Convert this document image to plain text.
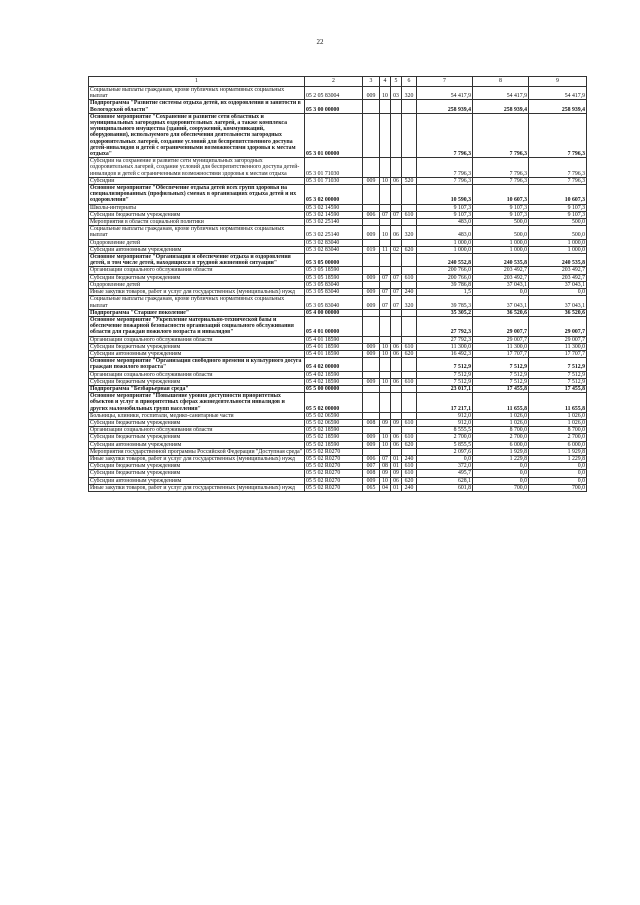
22
1	2	3	4	5	6	7	8	9
Социальные выплаты гражданам, кроме публичных нормативных социальных выплат	05 2 05 83004	009	10	03	320	54 417,9	54 417,9	54 417,9
Подпрограмма "Развитие системы отдыха детей, их оздоровления и занятости в Вологодской области"	05 3 00 00000					258 939,4	258 939,4	258 939,4
Основное мероприятие "Сохранение и развитие сети областных и муниципальных загородных оздоровительных лагерей, а также комплекса муниципального имущества (зданий, сооружений, коммуникаций, оборудования), используемого для обеспечения деятельности загородных оздоровительных лагерей, создание условий для беспрепятственного доступа детей-инвалидов и детей с ограниченными возможностями здоровья к местам отдыха"	05 3 01 00000					7 796,3	7 796,3	7 796,3
Субсидии на сохранение и развитие сети муниципальных загородных оздоровительных лагерей, создание условий для беспрепятственного доступа детей-инвалидов и детей с ограниченными возможностями здоровья к местам отдыха	05 3 01 71030					7 796,3	7 796,3	7 796,3
Субсидии	05 3 01 71030	009	10	06	520	7 796,3	7 796,3	7 796,3
Основное мероприятие "Обеспечение отдыха детей всех групп здоровья на специализированных (профильных) сменах в организациях отдыха детей и их оздоровления"	05 3 02 00000					10 590,3	10 607,3	10 607,3
Школы-интернаты	05 3 02 14590					9 107,3	9 107,3	9 107,3
Субсидии бюджетным учреждениям	05 3 02 14590	006	07	07	610	9 107,3	9 107,3	9 107,3
Мероприятия в области социальной политики	05 3 02 25140					483,0	500,0	500,0
Социальные выплаты гражданам, кроме публичных нормативных социальных выплат	05 3 02 25140	009	10	06	320	483,0	500,0	500,0
Оздоровление детей	05 3 02 83040					1 000,0	1 000,0	1 000,0
Субсидии автономным учреждениям	05 3 02 83040	019	11	02	620	1 000,0	1 000,0	1 000,0
Основное мероприятие "Организация и обеспечение отдыха и оздоровления детей, в том числе детей, находящихся в трудной жизненной ситуации"	05 3 05 00000					240 552,8	240 535,8	240 535,8
Организации социального обслуживания области	05 3 05 18590					200 766,0	203 492,7	203 492,7
Субсидии бюджетным учреждениям	05 3 05 18590	009	07	07	610	200 766,0	203 492,7	203 492,7
Оздоровление детей	05 3 05 83040					39 786,8	37 043,1	37 043,1
Иные закупки товаров, работ и услуг для государственных (муниципальных) нужд	05 3 05 83040	009	07	07	240	1,5	0,0	0,0
Социальные выплаты гражданам, кроме публичных нормативных социальных выплат	05 3 05 83040	009	07	07	320	39 785,3	37 043,1	37 043,1
Подпрограмма "Старшее поколение"	05 4 00 00000					35 305,2	36 520,6	36 520,6
Основное мероприятие "Укрепление материально-технической базы и обеспечение пожарной безопасности организаций социального обслуживания области для граждан пожилого возраста и инвалидов"	05 4 01 00000					27 792,3	29 007,7	29 007,7
Организации социального обслуживания области	05 4 01 18590					27 792,3	29 007,7	29 007,7
Субсидии бюджетным учреждениям	05 4 01 18590	009	10	06	610	11 300,0	11 300,0	11 300,0
Субсидии автономным учреждениям	05 4 01 18590	009	10	06	620	16 492,3	17 707,7	17 707,7
Основное мероприятие "Организация свободного времени и культурного досуга граждан пожилого возраста"	05 4 02 00000					7 512,9	7 512,9	7 512,9
Организации социального обслуживания области	05 4 02 18590					7 512,9	7 512,9	7 512,9
Субсидии бюджетным учреждениям	05 4 02 18590	009	10	06	610	7 512,9	7 512,9	7 512,9
Подпрограмма "Безбарьерная среда"	05 5 00 00000					23 017,1	17 455,8	17 455,8
Основное мероприятие "Повышение уровня доступности приоритетных объектов и услуг в приоритетных сферах жизнедеятельности инвалидов и других маломобильных групп населения"	05 5 02 00000					17 217,1	11 655,8	11 655,8
Больницы, клиники, госпитали, медико-санитарные части	05 5 02 06590					912,0	1 026,0	1 026,0
Субсидии бюджетным учреждениям	05 5 02 06590	008	09	09	610	912,0	1 026,0	1 026,0
Организации социального обслуживания области	05 5 02 18590					8 555,5	8 700,0	8 700,0
Субсидии бюджетным учреждениям	05 5 02 18590	009	10	06	610	2 700,0	2 700,0	2 700,0
Субсидии автономным учреждениям	05 5 02 18590	009	10	06	620	5 855,5	6 000,0	6 000,0
Мероприятия государственной программы Российской Федерации "Доступная среда"	05 5 02 R0270					2 097,6	1 929,8	1 929,8
Иные закупки товаров, работ и услуг для государственных (муниципальных) нужд	05 5 02 R0270	006	07	01	240	0,0	1 229,8	1 229,8
Субсидии бюджетным учреждениям	05 5 02 R0270	007	08	01	610	372,0	0,0	0,0
Субсидии бюджетным учреждениям	05 5 02 R0270	008	09	09	610	495,7	0,0	0,0
Субсидии автономным учреждениям	05 5 02 R0270	009	10	06	620	628,1	0,0	0,0
Иные закупки товаров, работ и услуг для государственных (муниципальных) нужд	05 5 02 R0270	065	04	01	240	601,8	700,0	700,0
